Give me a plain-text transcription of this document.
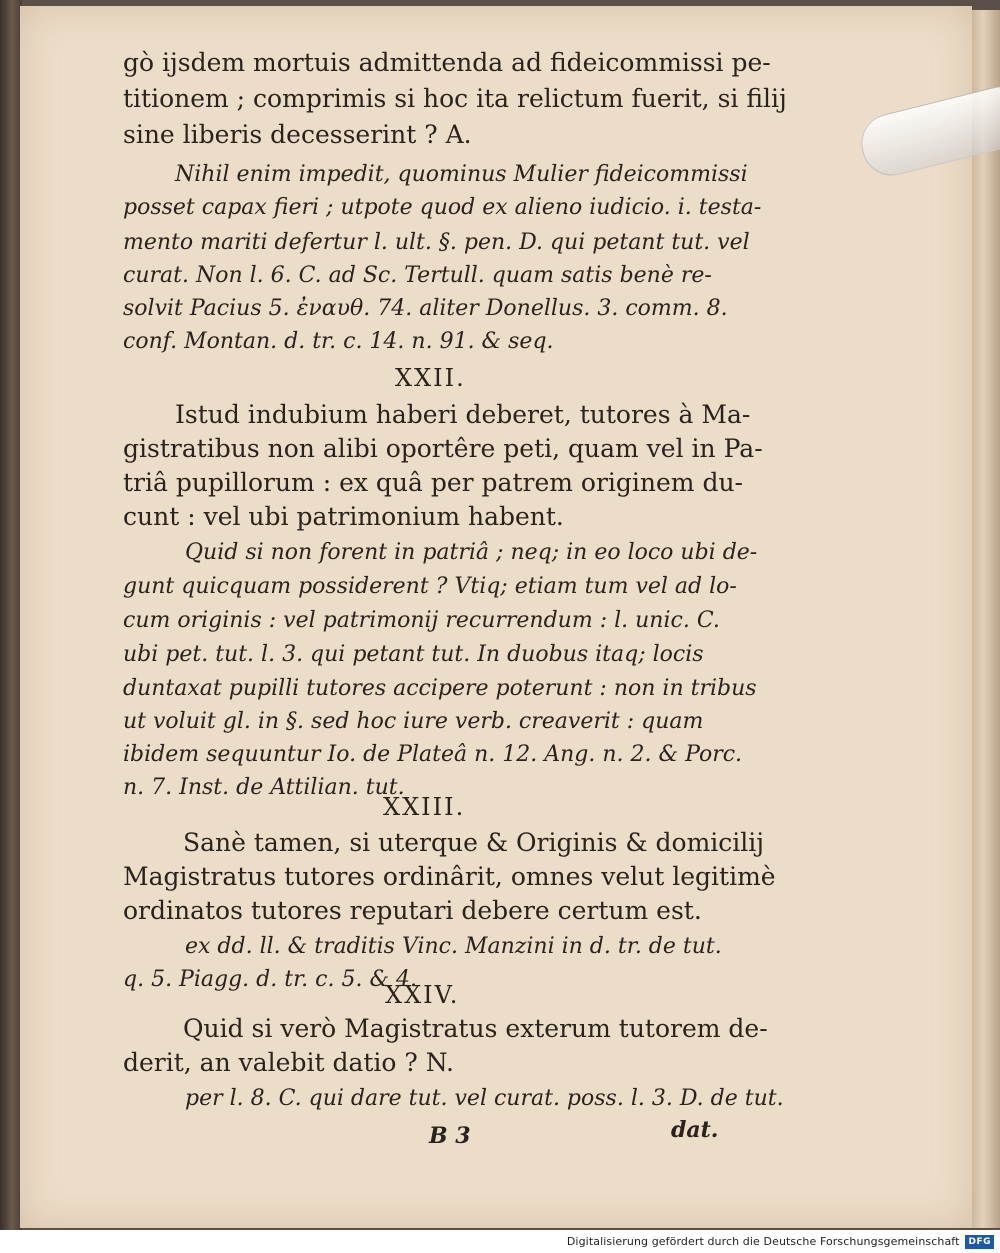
gò ijsdem mortuis admittenda ad fideicommissi pe-
titionem ; comprimis si hoc ita relictum fuerit, si filij
sine liberis decesserint ? A.
Nihil enim impedit, quominus Mulier fideicommissi
posset capax fieri ; utpote quod ex alieno iudicio. i. testa-
mento mariti defertur l. ult. §. pen. D. qui petant tut. vel
curat. Non l. 6. C. ad Sc. Tertull. quam satis benè re-
solvit Pacius 5. ἐναυθ. 74. aliter Donellus. 3. comm. 8.
conf. Montan. d. tr. c. 14. n. 91. & seq.
XXII.
Istud indubium haberi deberet, tutores à Ma-
gistratibus non alibi oportêre peti, quam vel in Pa-
triâ pupillorum : ex quâ per patrem originem du-
cunt : vel ubi patrimonium habent.
Quid si non forent in patriâ ; neq; in eo loco ubi de-
gunt quicquam possiderent ? Vtiq; etiam tum vel ad lo-
cum originis : vel patrimonij recurrendum : l. unic. C.
ubi pet. tut. l. 3. qui petant tut. In duobus itaq; locis
duntaxat pupilli tutores accipere poterunt : non in tribus
ut voluit gl. in §. sed hoc iure verb. creaverit : quam
ibidem sequuntur Io. de Plateâ n. 12. Ang. n. 2. & Porc.
n. 7. Inst. de Attilian. tut.
XXIII.
Sanè tamen, si uterque & Originis & domicilij
Magistratus tutores ordinârit, omnes velut legitimè
ordinatos tutores reputari debere certum est.
ex dd. ll. & traditis Vinc. Manzini in d. tr. de tut.
q. 5. Piagg. d. tr. c. 5. & 4.
XXIV.
Quid si verò Magistratus exterum tutorem de-
derit, an valebit datio ? N.
per l. 8. C. qui dare tut. vel curat. poss. l. 3. D. de tut.
B 3	dat.
Digitalisierung gefördert durch die Deutsche Forschungsgemeinschaft	DFG
